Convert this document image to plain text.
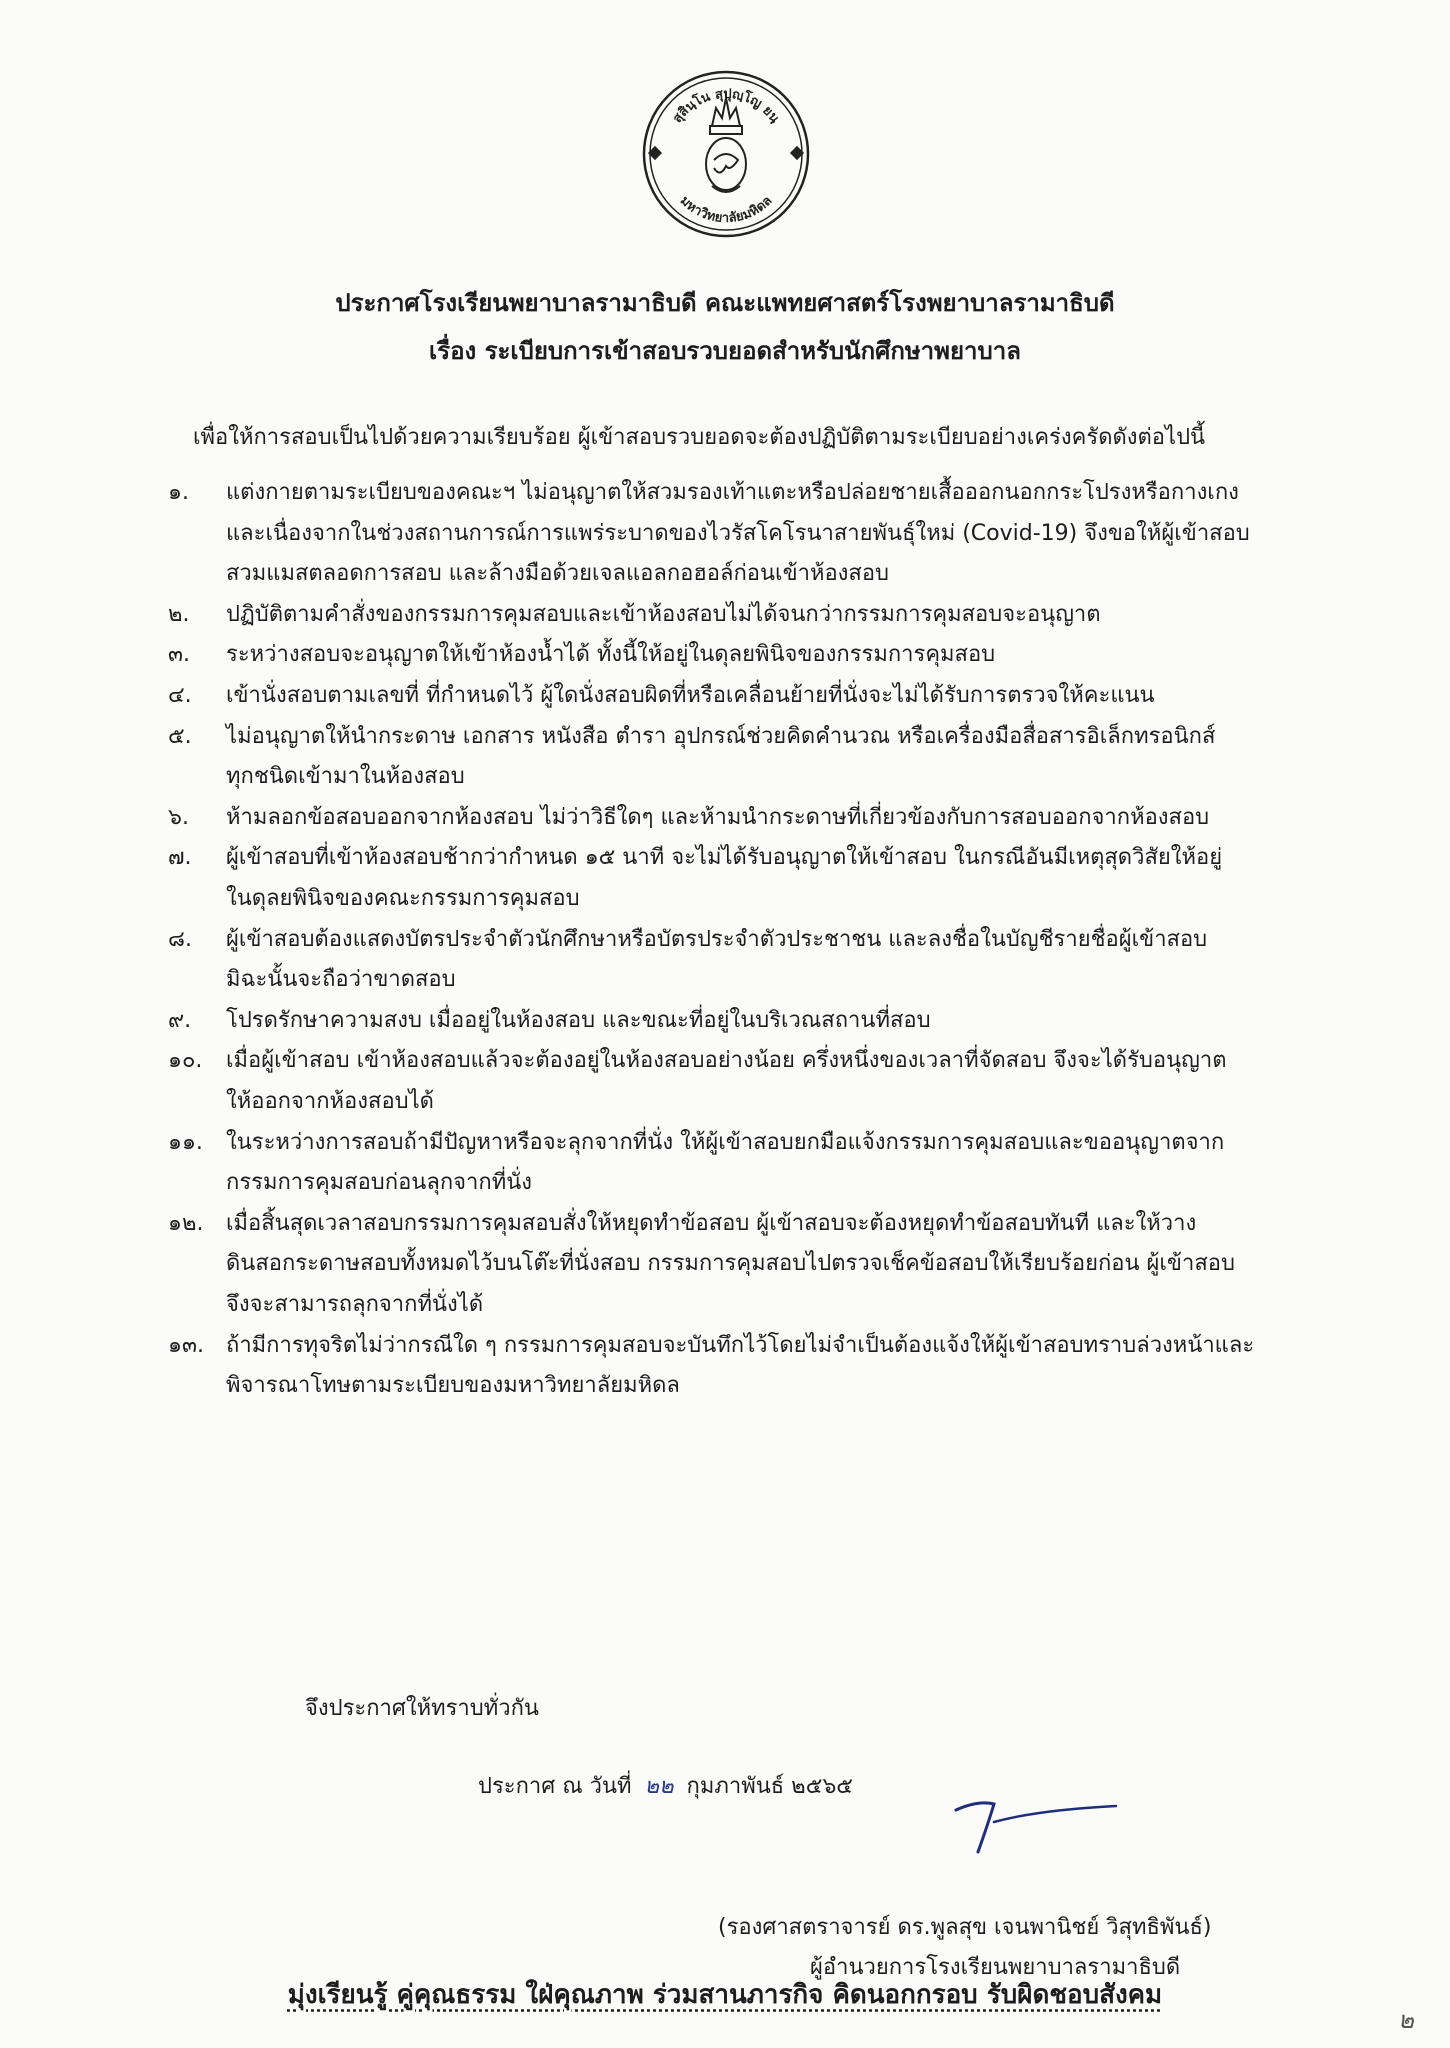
สุสินฺโน สุปุญฺโญ ยนฺ
มหาวิทยาลัยมหิดล
ประกาศโรงเรียนพยาบาลรามาธิบดี คณะแพทยศาสตร์โรงพยาบาลรามาธิบดี
เรื่อง ระเบียบการเข้าสอบรวบยอดสำหรับนักศึกษาพยาบาล
เพื่อให้การสอบเป็นไปด้วยความเรียบร้อย ผู้เข้าสอบรวบยอดจะต้องปฏิบัติตามระเบียบอย่างเคร่งครัดดังต่อไปนี้
๑.	แต่งกายตามระเบียบของคณะฯ ไม่อนุญาตให้สวมรองเท้าแตะหรือปล่อยชายเสื้อออกนอกกระโปรงหรือกางเกง
และเนื่องจากในช่วงสถานการณ์การแพร่ระบาดของไวรัสโคโรนาสายพันธุ์ใหม่ (Covid-19) จึงขอให้ผู้เข้าสอบ
สวมแมสตลอดการสอบ และล้างมือด้วยเจลแอลกอฮอล์ก่อนเข้าห้องสอบ
๒.	ปฏิบัติตามคำสั่งของกรรมการคุมสอบและเข้าห้องสอบไม่ได้จนกว่ากรรมการคุมสอบจะอนุญาต
๓.	ระหว่างสอบจะอนุญาตให้เข้าห้องน้ำได้ ทั้งนี้ให้อยู่ในดุลยพินิจของกรรมการคุมสอบ
๔.	เข้านั่งสอบตามเลขที่ ที่กำหนดไว้ ผู้ใดนั่งสอบผิดที่หรือเคลื่อนย้ายที่นั่งจะไม่ได้รับการตรวจให้คะแนน
๕.	ไม่อนุญาตให้นำกระดาษ เอกสาร หนังสือ ตำรา อุปกรณ์ช่วยคิดคำนวณ หรือเครื่องมือสื่อสารอิเล็กทรอนิกส์
ทุกชนิดเข้ามาในห้องสอบ
๖.	ห้ามลอกข้อสอบออกจากห้องสอบ ไม่ว่าวิธีใดๆ และห้ามนำกระดาษที่เกี่ยวข้องกับการสอบออกจากห้องสอบ
๗.	ผู้เข้าสอบที่เข้าห้องสอบช้ากว่ากำหนด ๑๕ นาที จะไม่ได้รับอนุญาตให้เข้าสอบ ในกรณีอันมีเหตุสุดวิสัยให้อยู่
ในดุลยพินิจของคณะกรรมการคุมสอบ
๘.	ผู้เข้าสอบต้องแสดงบัตรประจำตัวนักศึกษาหรือบัตรประจำตัวประชาชน และลงชื่อในบัญชีรายชื่อผู้เข้าสอบ
มิฉะนั้นจะถือว่าขาดสอบ
๙.	โปรดรักษาความสงบ เมื่ออยู่ในห้องสอบ และขณะที่อยู่ในบริเวณสถานที่สอบ
๑๐.	เมื่อผู้เข้าสอบ เข้าห้องสอบแล้วจะต้องอยู่ในห้องสอบอย่างน้อย ครึ่งหนึ่งของเวลาที่จัดสอบ จึงจะได้รับอนุญาต
ให้ออกจากห้องสอบได้
๑๑.	ในระหว่างการสอบถ้ามีปัญหาหรือจะลุกจากที่นั่ง ให้ผู้เข้าสอบยกมือแจ้งกรรมการคุมสอบและขออนุญาตจาก
กรรมการคุมสอบก่อนลุกจากที่นั่ง
๑๒.	เมื่อสิ้นสุดเวลาสอบกรรมการคุมสอบสั่งให้หยุดทำข้อสอบ ผู้เข้าสอบจะต้องหยุดทำข้อสอบทันที และให้วาง
ดินสอกระดาษสอบทั้งหมดไว้บนโต๊ะที่นั่งสอบ กรรมการคุมสอบไปตรวจเช็คข้อสอบให้เรียบร้อยก่อน ผู้เข้าสอบ
จึงจะสามารถลุกจากที่นั่งได้
๑๓.	ถ้ามีการทุจริตไม่ว่ากรณีใด ๆ กรรมการคุมสอบจะบันทึกไว้โดยไม่จำเป็นต้องแจ้งให้ผู้เข้าสอบทราบล่วงหน้าและ
พิจารณาโทษตามระเบียบของมหาวิทยาลัยมหิดล
จึงประกาศให้ทราบทั่วกัน
ประกาศ ณ วันที่ ๒๒ กุมภาพันธ์ ๒๕๖๕
(รองศาสตราจารย์ ดร.พูลสุข เจนพานิชย์ วิสุทธิพันธ์)
ผู้อำนวยการโรงเรียนพยาบาลรามาธิบดี
มุ่งเรียนรู้ คู่คุณธรรม ใฝ่คุณภาพ ร่วมสานภารกิจ คิดนอกกรอบ รับผิดชอบสังคม
๒
